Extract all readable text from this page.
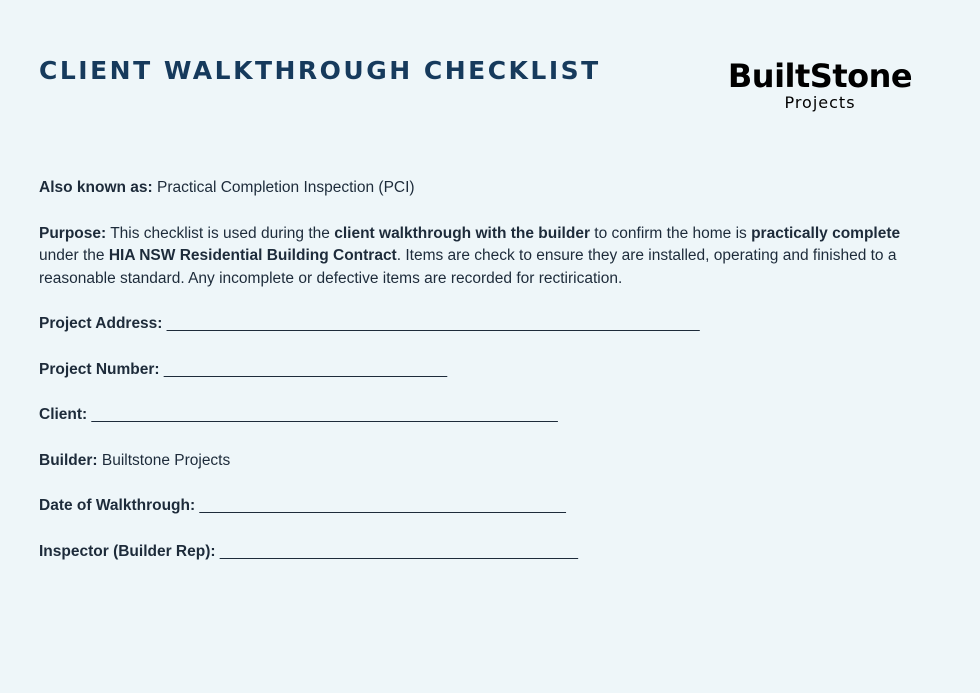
CLIENT WALKTHROUGH CHECKLIST	BuiltStone
Projects

Also known as: Practical Completion Inspection (PCI)

Purpose: This checklist is used during the client walkthrough with the builder to confirm the home is practically complete under the HIA NSW Residential Building Contract. Items are check to ensure they are installed, operating and finished to a reasonable standard. Any incomplete or defective items are recorded for rectirication.

Project Address: ________________________________________________________________

Project Number: __________________________________

Client: ________________________________________________________

Builder: Builtstone Projects

Date of Walkthrough: ____________________________________________

Inspector (Builder Rep): ___________________________________________
